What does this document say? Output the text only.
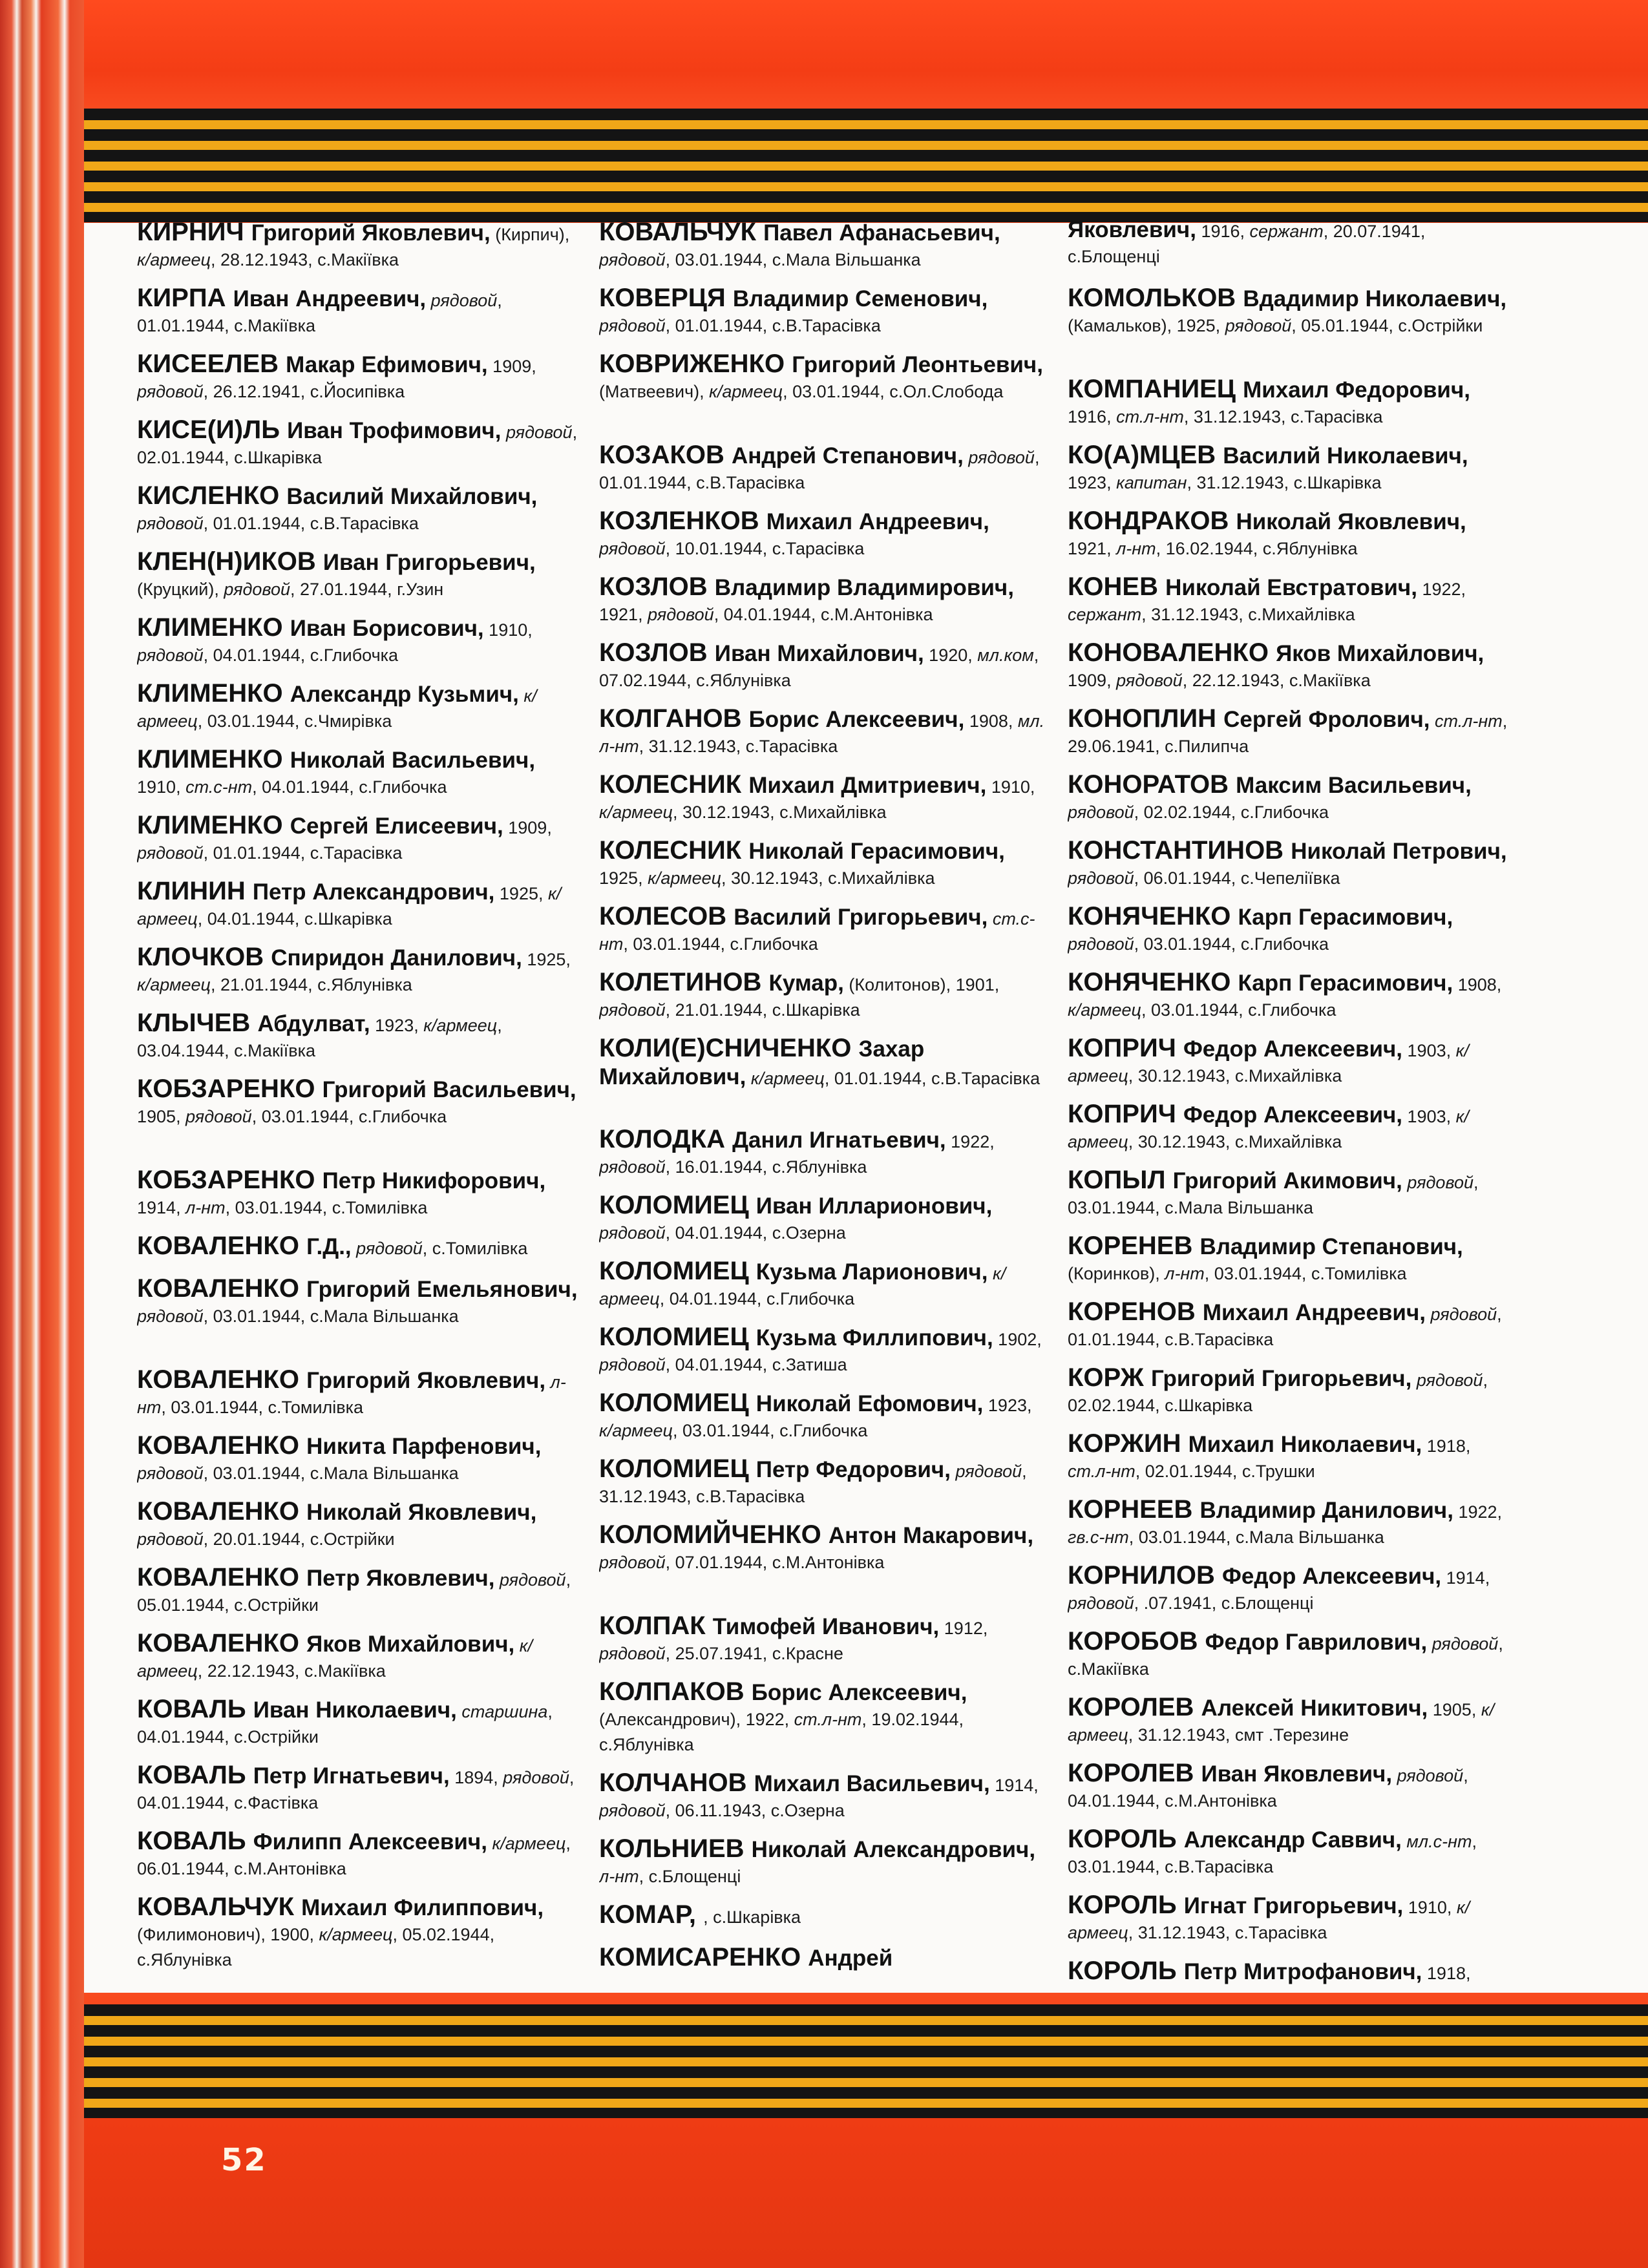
КИРНИЧ Григорий Яковлевич, (Кирпич), к/армеец, 28.12.1943, с.Макіївка
КИРПА Иван Андреевич, рядовой, 01.01.1944, с.Макіївка
КИСЕЕЛЕВ Макар Ефимович, 1909, рядовой, 26.12.1941, с.Йосипівка
КИСЕ(И)ЛЬ Иван Трофимович, рядовой, 02.01.1944, с.Шкарівка
КИСЛЕНКО Василий Михайлович, рядовой, 01.01.1944, с.В.Тарасівка
КЛЕН(Н)ИКОВ Иван Григорьевич, (Круцкий), рядовой, 27.01.1944, г.Узин
КЛИМЕНКО Иван Борисович, 1910, рядовой, 04.01.1944, с.Глибочка
КЛИМЕНКО Александр Кузьмич, к/армеец, 03.01.1944, с.Чмирівка
КЛИМЕНКО Николай Васильевич, 1910, ст.с-нт, 04.01.1944, с.Глибочка
КЛИМЕНКО Сергей Елисеевич, 1909, рядовой, 01.01.1944, с.Тарасівка
КЛИНИН Петр Александрович, 1925, к/армеец, 04.01.1944, с.Шкарівка
КЛОЧКОВ Спиридон Данилович, 1925, к/армеец, 21.01.1944, с.Яблунівка
КЛЫЧЕВ Абдулват, 1923, к/армеец, 03.04.1944, с.Макіївка
КОБЗАРЕНКО Григорий Васильевич, 1905, рядовой, 03.01.1944, с.Глибочка
КОБЗАРЕНКО Петр Никифорович, 1914, л-нт, 03.01.1944, с.Томилівка
КОВАЛЕНКО Г.Д., рядовой, с.Томилівка
КОВАЛЕНКО Григорий Емельянович, рядовой, 03.01.1944, с.Мала Вільшанка
КОВАЛЕНКО Григорий Яковлевич, л-нт, 03.01.1944, с.Томилівка
КОВАЛЕНКО Никита Парфенович, рядовой, 03.01.1944, с.Мала Вільшанка
КОВАЛЕНКО Николай Яковлевич, рядовой, 20.01.1944, с.Острійки
КОВАЛЕНКО Петр Яковлевич, рядовой, 05.01.1944, с.Острійки
КОВАЛЕНКО Яков Михайлович, к/армеец, 22.12.1943, с.Макіївка
КОВАЛЬ Иван Николаевич, старшина, 04.01.1944, с.Острійки
КОВАЛЬ Петр Игнатьевич, 1894, рядовой, 04.01.1944, с.Фастівка
КОВАЛЬ Филипп Алексеевич, к/армеец, 06.01.1944, с.М.Антонівка
КОВАЛЬЧУК Михаил Филиппович, (Филимонович), 1900, к/армеец, 05.02.1944, с.Яблунівка
КОВАЛЬЧУК Павел Афанасьевич, рядовой, 03.01.1944, с.Мала Вільшанка
КОВЕРЦЯ Владимир Семенович, рядовой, 01.01.1944, с.В.Тарасівка
КОВРИЖЕНКО Григорий Леонтьевич, (Матвеевич), к/армеец, 03.01.1944, с.Ол.Слобода
КОЗАКОВ Андрей Степанович, рядовой, 01.01.1944, с.В.Тарасівка
КОЗЛЕНКОВ Михаил Андреевич, рядовой, 10.01.1944, с.Тарасівка
КОЗЛОВ Владимир Владимирович, 1921, рядовой, 04.01.1944, с.М.Антонівка
КОЗЛОВ Иван Михайлович, 1920, мл.ком, 07.02.1944, с.Яблунівка
КОЛГАНОВ Борис Алексеевич, 1908, мл. л-нт, 31.12.1943, с.Тарасівка
КОЛЕСНИК Михаил Дмитриевич, 1910, к/армеец, 30.12.1943, с.Михайлівка
КОЛЕСНИК Николай Герасимович, 1925, к/армеец, 30.12.1943, с.Михайлівка
КОЛЕСОВ Василий Григорьевич, ст.с-нт, 03.01.1944, с.Глибочка
КОЛЕТИНОВ Кумар, (Колитонов), 1901, рядовой, 21.01.1944, с.Шкарівка
КОЛИ(Е)СНИЧЕНКО Захар Михайлович, к/армеец, 01.01.1944, с.В.Тарасівка
КОЛОДКА Данил Игнатьевич, 1922, рядовой, 16.01.1944, с.Яблунівка
КОЛОМИЕЦ Иван Илларионович, рядовой, 04.01.1944, с.Озерна
КОЛОМИЕЦ Кузьма Ларионович, к/армеец, 04.01.1944, с.Глибочка
КОЛОМИЕЦ Кузьма Филлипович, 1902, рядовой, 04.01.1944, с.Затиша
КОЛОМИЕЦ Николай Ефомович, 1923, к/армеец, 03.01.1944, с.Глибочка
КОЛОМИЕЦ Петр Федорович, рядовой, 31.12.1943, с.В.Тарасівка
КОЛОМИЙЧЕНКО Антон Макарович, рядовой, 07.01.1944, с.М.Антонівка
КОЛПАК Тимофей Иванович, 1912, рядовой, 25.07.1941, с.Красне
КОЛПАКОВ Борис Алексеевич, (Александрович), 1922, ст.л-нт, 19.02.1944, с.Яблунівка
КОЛЧАНОВ Михаил Васильевич, 1914, рядовой, 06.11.1943, с.Озерна
КОЛЬНИЕВ Николай Александрович, л-нт, с.Блощенці
КОМАР, , с.Шкарівка
КОМИСАРЕНКО Андрей
Яковлевич, 1916, сержант, 20.07.1941, с.Блощенці
КОМОЛЬКОВ Вдадимир Николаевич, (Камальков), 1925, рядовой, 05.01.1944, с.Острійки
КОМПАНИЕЦ Михаил Федорович, 1916, ст.л-нт, 31.12.1943, с.Тарасівка
КО(А)МЦЕВ Василий Николаевич, 1923, капитан, 31.12.1943, с.Шкарівка
КОНДРАКОВ Николай Яковлевич, 1921, л-нт, 16.02.1944, с.Яблунівка
КОНЕВ Николай Евстратович, 1922, сержант, 31.12.1943, с.Михайлівка
КОНОВАЛЕНКО Яков Михайлович, 1909, рядовой, 22.12.1943, с.Макіївка
КОНОПЛИН Сергей Фролович, ст.л-нт, 29.06.1941, с.Пилипча
КОНОРАТОВ Максим Васильевич, рядовой, 02.02.1944, с.Глибочка
КОНСТАНТИНОВ Николай Петрович, рядовой, 06.01.1944, с.Чепеліївка
КОНЯЧЕНКО Карп Герасимович, рядовой, 03.01.1944, с.Глибочка
КОНЯЧЕНКО Карп Герасимович, 1908, к/армеец, 03.01.1944, с.Глибочка
КОПРИЧ Федор Алексеевич, 1903, к/армеец, 30.12.1943, с.Михайлівка
КОПРИЧ Федор Алексеевич, 1903, к/армеец, 30.12.1943, с.Михайлівка
КОПЫЛ Григорий Акимович, рядовой, 03.01.1944, с.Мала Вільшанка
КОРЕНЕВ Владимир Степанович, (Коринков), л-нт, 03.01.1944, с.Томилівка
КОРЕНОВ Михаил Андреевич, рядовой, 01.01.1944, с.В.Тарасівка
КОРЖ Григорий Григорьевич, рядовой, 02.02.1944, с.Шкарівка
КОРЖИН Михаил Николаевич, 1918, ст.л-нт, 02.01.1944, с.Трушки
КОРНЕЕВ Владимир Данилович, 1922, гв.с-нт, 03.01.1944, с.Мала Вільшанка
КОРНИЛОВ Федор Алексеевич, 1914, рядовой, .07.1941, с.Блощенці
КОРОБОВ Федор Гаврилович, рядовой, с.Макіївка
КОРОЛЕВ Алексей Никитович, 1905, к/армеец, 31.12.1943, смт .Терезине
КОРОЛЕВ Иван Яковлевич, рядовой, 04.01.1944, с.М.Антонівка
КОРОЛЬ Александр Саввич, мл.с-нт, 03.01.1944, с.В.Тарасівка
КОРОЛЬ Игнат Григорьевич, 1910, к/армеец, 31.12.1943, с.Тарасівка
КОРОЛЬ Петр Митрофанович, 1918,
52
